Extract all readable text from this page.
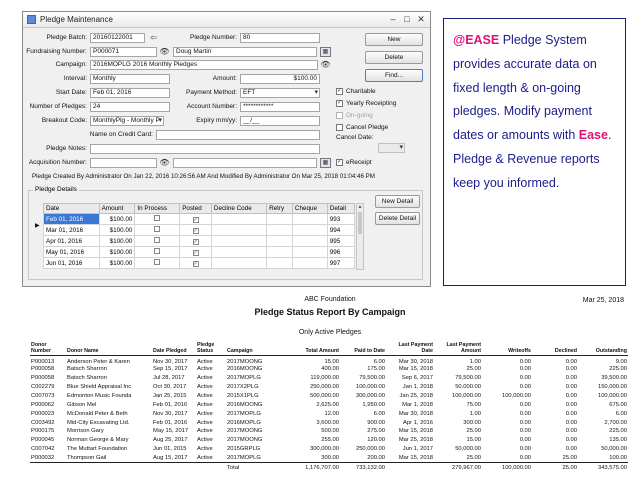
Pledge Maintenance	– □ ✕
Pledge Batch: 20160122001	⇦	Pledge Number: 80
Fundraising Number: P000071	👁 Doug Martin	▦
Campaign: 2016MOPLG 2016 Monthly Pledges	👁
Interval: Monthly	Amount:	$100.00
Start Date: Feb 01, 2016	Payment Method: EFT ▾
Number of Pledges: 24	Account Number: ************
Breakout Code: MonthlyPlg - Monthly P ▾	Expiry mm/yy: __/__
Name on Credit Card:
Pledge Notes:
Acquisition Number:	👁	▦
Pledge Created By Administrator On Jan 22, 2016 10:26:56 AM And Modified By Administrator On Mar 25, 2018 01:04:46 PM
New
Delete
Find...
✓ Charitable
✓ Yearly Receipting
On-going
Cancel Pledge
Cancel Date:
▾
✓ eReceipt
Pledge Details
▶
Date	Amount	In Process	Posted	Decline Code	Retry	Cheque	Detail
Feb 01, 2016	$100.00		✓				993
Mar 01, 2016	$100.00		✓				994
Apr 01, 2016	$100.00		✓				995
May 01, 2016	$100.00		✓				996
Jun 01, 2016	$100.00		✓				997
▲
New Detail
Delete Detail
@EASE Pledge System provides accurate data on fixed length & on-going pledges. Modify payment dates or amounts with Ease. Pledge & Revenue reports keep you informed.
ABC Foundation	Mar 25, 2018
Pledge Status Report By Campaign
Only Active Pledges
Donor Number	Donor Name	Date Pledged	Pledge Status	Campaign	Total Amount	Paid to Date	Last Payment Date	Last Payment Amount	Writeoffs	Declined	Outstanding
P000013	Anderson Peter & Karen	Nov 30, 2017	Active	2017MOONG	15.00	6.00	Mar 30, 2018	1.00	0.00	0.00	9.00
P000058	Batsch Sharron	Sep 15, 2017	Active	2016MOONG	400.00	175.00	Mar 15, 2018	25.00	0.00	0.00	225.00
P000058	Batsch Sharron	Jul 28, 2017	Active	2017MOPLG	119,000.00	79,500.00	Sep 6, 2017	79,500.00	0.00	0.00	39,500.00
C002279	Blue Shield Appraisal Inc	Oct 30, 2017	Active	2017X2PLG	250,000.00	100,000.00	Jan 1, 2018	50,000.00	0.00	0.00	150,000.00
C007073	Edmonton Music Founda	Jan 25, 2015	Active	2015X1PLG	500,000.00	300,000.00	Jan 25, 2018	100,000.00	100,000.00	0.00	100,000.00
P000062	Gibson Mel	Feb 01, 2016	Active	2016MOONG	2,625.00	1,950.00	Mar 1, 2018	75.00	0.00	0.00	675.00
P000023	McDonald Peter & Beth	Nov 30, 2017	Active	2017MOPLG	12.00	6.00	Mar 30, 2018	1.00	0.00	0.00	6.00
C003492	Mid-City Excavating Ltd.	Feb 01, 2016	Active	2016MOPLG	3,600.00	900.00	Apr 1, 2016	300.00	0.00	0.00	2,700.00
P000175	Morrison Gary	May 15, 2017	Active	2017MOONG	500.00	275.00	Mar 15, 2018	25.00	0.00	0.00	225.00
P000045	Norman George & Mary	Aug 25, 2017	Active	2017MOONG	255.00	120.00	Mar 25, 2018	15.00	0.00	0.00	135.00
C007042	The Muttart Foundation	Jun 01, 2015	Active	2015GRPLG	300,000.00	250,000.00	Jun 1, 2017	50,000.00	0.00	0.00	50,000.00
P000032	Thompson Gail	Aug 15, 2017	Active	2017MOPLG	300.00	200.00	Mar 15, 2018	25.00	0.00	25.00	100.00
				Total	1,176,707.00	733,132.00		279,967.00	100,000.00	25.00	343,575.00
